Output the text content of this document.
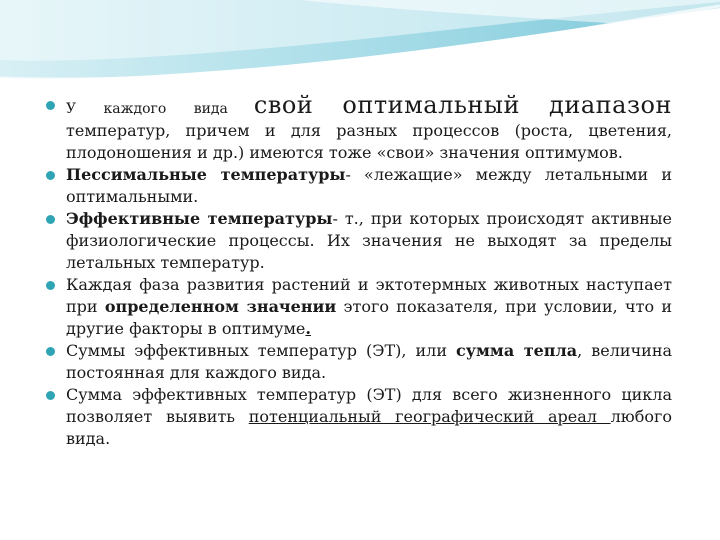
У каждого вида свой оптимальный диапазон температур, причем и для разных процессов (роста, цветения, плодоношения и др.) имеются тоже «свои» значения оптимумов.
Пессимальные температуры- «лежащие» между летальными и оптимальными.
Эффективные температуры- т., при которых происходят активные физиологические процессы. Их значения не выходят за пределы летальных температур.
Каждая фаза развития растений и эктотермных животных наступает при определенном значении этого показателя, при условии, что и другие факторы в оптимуме.
Суммы эффективных температур (ЭТ), или сумма тепла, величина постоянная для каждого вида.
Сумма эффективных температур (ЭТ) для всего жизненного цикла позволяет выявить потенциальный географический ареал любого вида.
